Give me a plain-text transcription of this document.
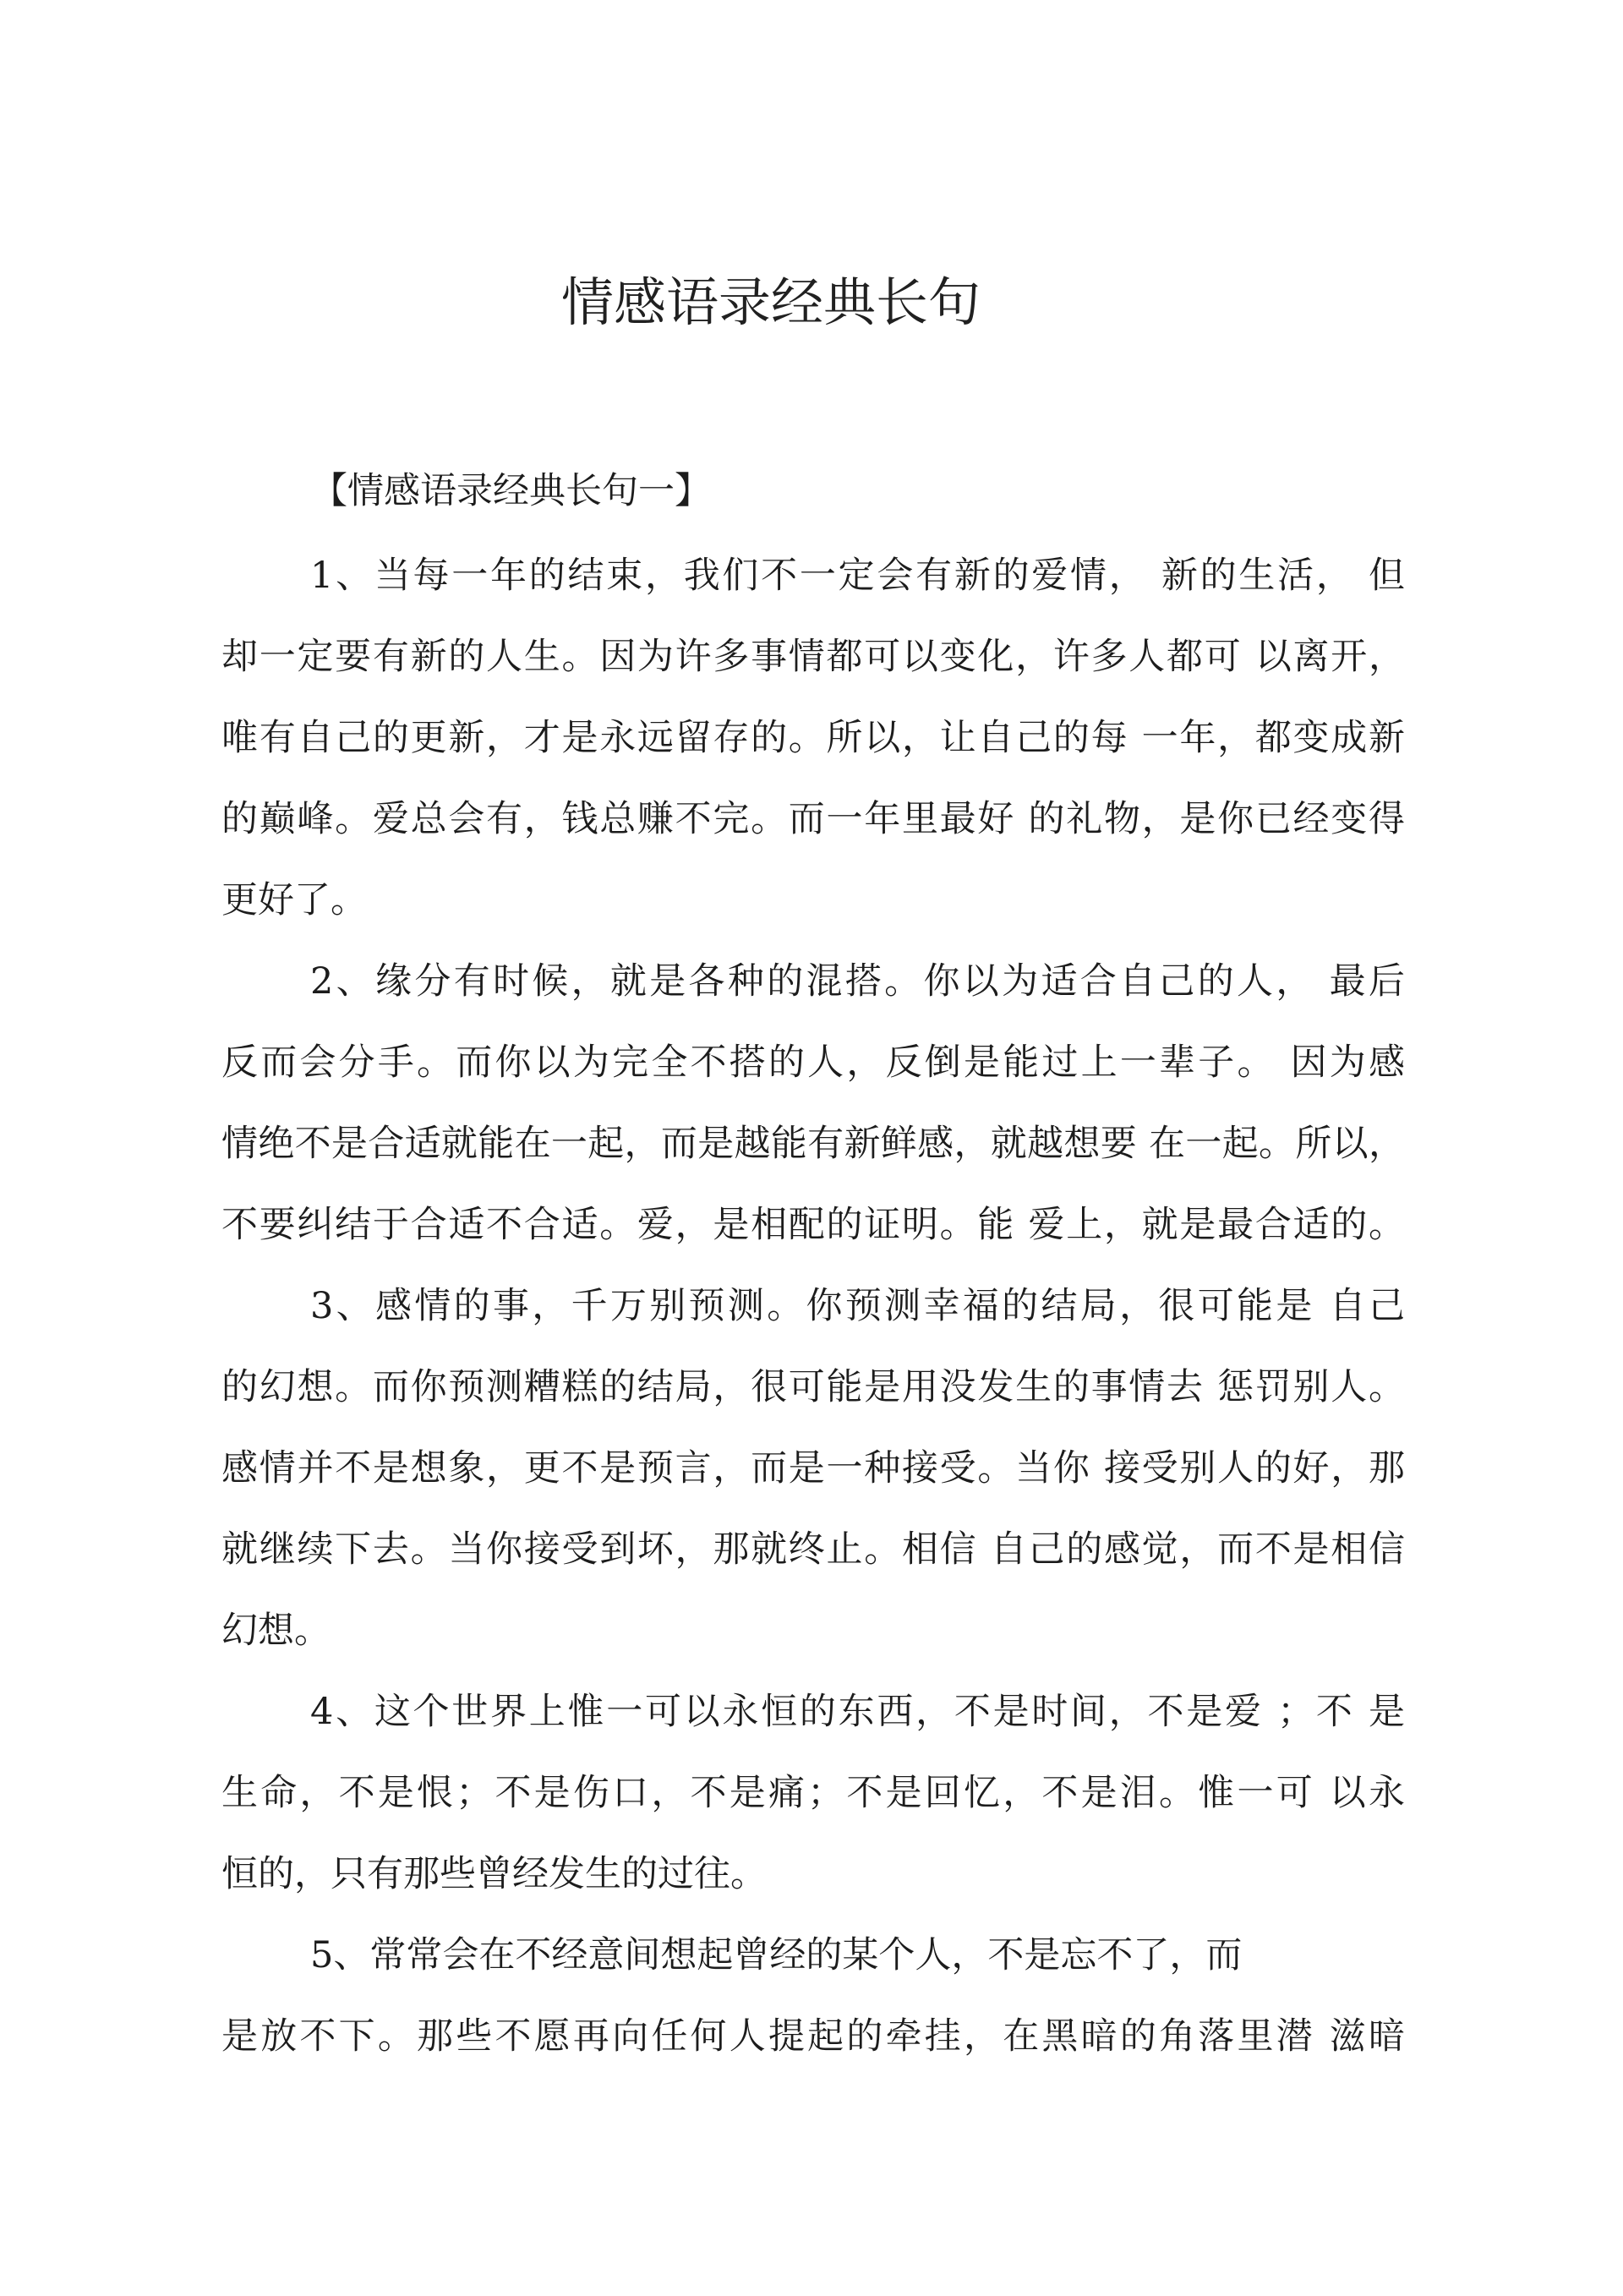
情感语录经典长句
【情感语录经典长句一】
1、当每一年的结束，我们不一定会有新的爱情， 新的生活， 但
却一定要有新的人生。因为许多事情都可以变化，许多人都可 以离开，
唯有自己的更新，才是永远留存的。所以，让自己的每 一年，都变成新
的巅峰。爱总会有，钱总赚不完。而一年里最好 的礼物，是你已经变得
更好了。
2、缘分有时候，就是各种的混搭。你以为适合自己的人， 最后
反而会分手。而你以为完全不搭的人，反倒是能过上一辈子。 因为感
情绝不是合适就能在一起，而是越能有新鲜感，就越想要 在一起。所以，
不要纠结于合适不合适。爱，是相配的证明。能 爱上，就是最合适的。
3、感情的事，千万别预测。你预测幸福的结局，很可能是 自己
的幻想。而你预测糟糕的结局，很可能是用没发生的事情去 惩罚别人。
感情并不是想象，更不是预言，而是一种接受。当你 接受别人的好，那
就继续下去。当你接受到坏，那就终止。相信 自己的感觉，而不是相信
幻想。
4、这个世界上惟一可以永恒的东西，不是时间，不是爱 ；不 是
生命，不是恨；不是伤口，不是痛；不是回忆，不是泪。惟一可 以永
恒的，只有那些曾经发生的过往。
5、常常会在不经意间想起曾经的某个人，不是忘不了，而
是放不下。那些不愿再向任何人提起的牵挂，在黑暗的角落里潜 滋暗
